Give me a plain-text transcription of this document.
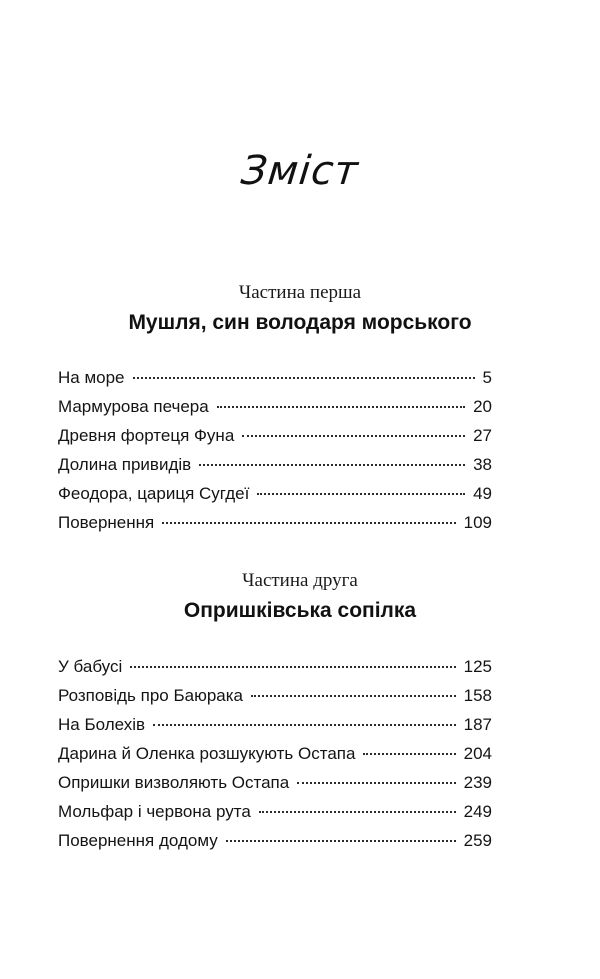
Зміст
Частина перша
Мушля, син володаря морського
На море	5
Мармурова печера	20
Древня фортеця Фуна	27
Долина привидів	38
Феодора, цариця Сугдеї	49
Повернення	109
Частина друга
Опришківська сопілка
У бабусі	125
Розповідь про Баюрака	158
На Болехів	187
Дарина й Оленка розшукують Остапа	204
Опришки визволяють Остапа	239
Мольфар і червона рута	249
Повернення додому	259
